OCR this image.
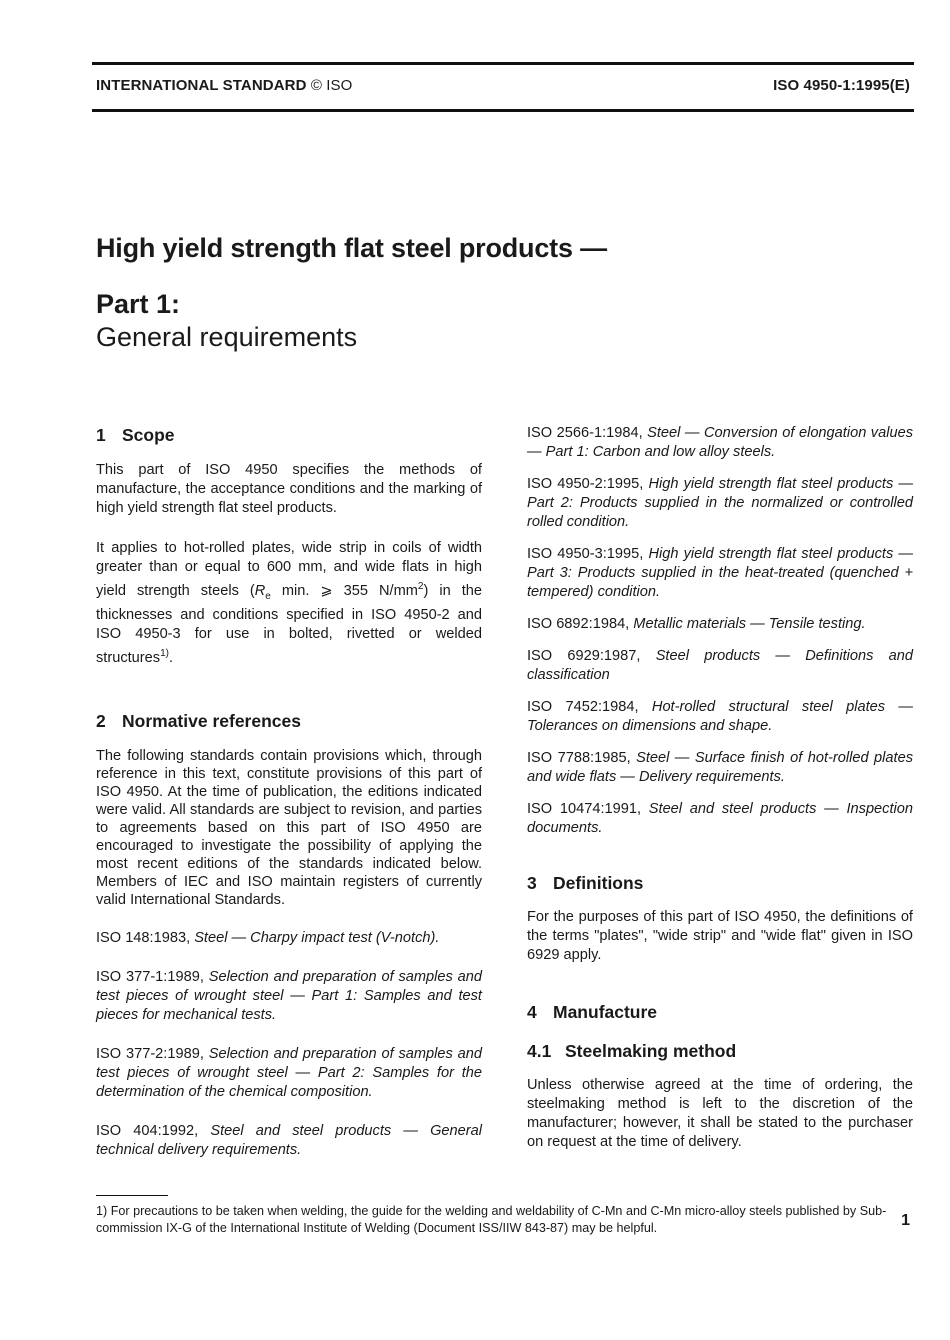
INTERNATIONAL STANDARD © ISO	ISO 4950-1:1995(E)
High yield strength flat steel products —
Part 1:
General requirements
1 Scope

This part of ISO 4950 specifies the methods of manufacture, the acceptance conditions and the marking of high yield strength flat steel products.

It applies to hot-rolled plates, wide strip in coils of width greater than or equal to 600 mm, and wide flats in high yield strength steels ($R_e$ min. ⩾ 355 $N/mm^2$) in the thicknesses and conditions specified in ISO 4950-2 and ISO 4950-3 for use in bolted, rivetted or welded structures$^{1)}$.

2 Normative references

The following standards contain provisions which, through reference in this text, constitute provisions of this part of ISO 4950. At the time of publication, the editions indicated were valid. All standards are subject to revision, and parties to agreements based on this part of ISO 4950 are encouraged to investigate the possibility of applying the most recent editions of the standards indicated below. Members of IEC and ISO maintain registers of currently valid International Standards.

ISO 148:1983, Steel — Charpy impact test (V-notch).

ISO 377-1:1989, Selection and preparation of samples and test pieces of wrought steel — Part 1: Samples and test pieces for mechanical tests.

ISO 377-2:1989, Selection and preparation of samples and test pieces of wrought steel — Part 2: Samples for the determination of the chemical composition.

ISO 404:1992, Steel and steel products — General technical delivery requirements.

ISO 2566-1:1984, Steel — Conversion of elongation values — Part 1: Carbon and low alloy steels.

ISO 4950-2:1995, High yield strength flat steel products — Part 2: Products supplied in the normalized or controlled rolled condition.

ISO 4950-3:1995, High yield strength flat steel products — Part 3: Products supplied in the heat-treated (quenched + tempered) condition.

ISO 6892:1984, Metallic materials — Tensile testing.

ISO 6929:1987, Steel products — Definitions and classification

ISO 7452:1984, Hot-rolled structural steel plates — Tolerances on dimensions and shape.

ISO 7788:1985, Steel — Surface finish of hot-rolled plates and wide flats — Delivery requirements.

ISO 10474:1991, Steel and steel products — Inspection documents.

3 Definitions

For the purposes of this part of ISO 4950, the definitions of the terms "plates", "wide strip" and "wide flat" given in ISO 6929 apply.

4 Manufacture
4.1 Steelmaking method

Unless otherwise agreed at the time of ordering, the steelmaking method is left to the discretion of the manufacturer; however, it shall be stated to the purchaser on request at the time of delivery.

1) For precautions to be taken when welding, the guide for the welding and weldability of C-Mn and C-Mn micro-alloy steels published by Sub-commission IX-G of the International Institute of Welding (Document ISS/IIW 843-87) may be helpful.	1
